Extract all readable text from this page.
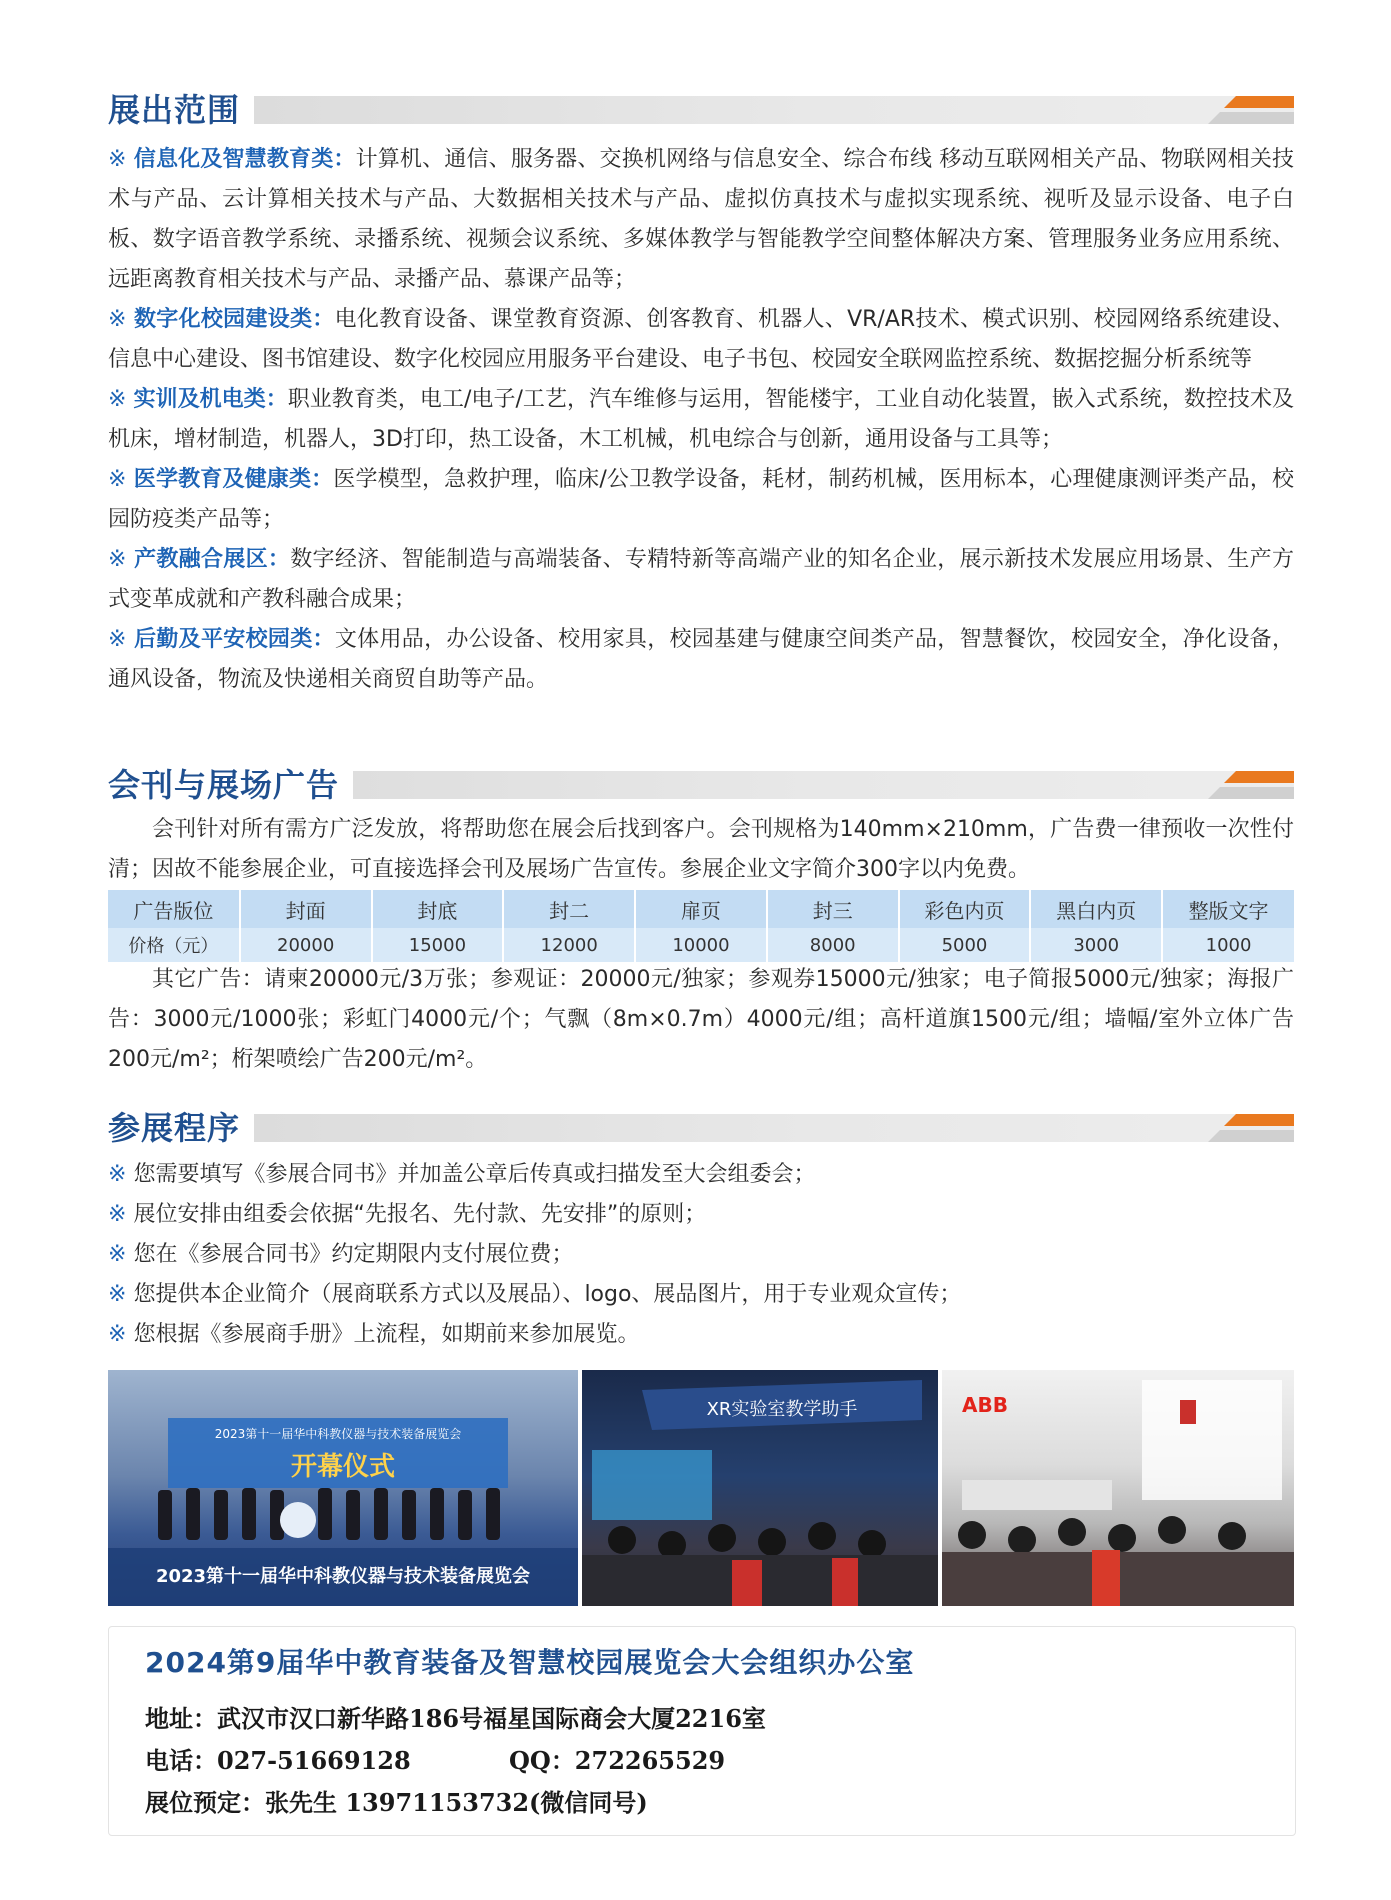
展出范围
※ 信息化及智慧教育类：计算机、通信、服务器、交换机网络与信息安全、综合布线 移动互联网相关产品、物联网相关技术与产品、云计算相关技术与产品、大数据相关技术与产品、虚拟仿真技术与虚拟实现系统、视听及显示设备、电子白板、数字语音教学系统、录播系统、视频会议系统、多媒体教学与智能教学空间整体解决方案、管理服务业务应用系统、远距离教育相关技术与产品、录播产品、慕课产品等；
※ 数字化校园建设类：电化教育设备、课堂教育资源、创客教育、机器人、VR/AR技术、模式识别、校园网络系统建设、信息中心建设、图书馆建设、数字化校园应用服务平台建设、电子书包、校园安全联网监控系统、数据挖掘分析系统等
※ 实训及机电类：职业教育类，电工/电子/工艺，汽车维修与运用，智能楼宇，工业自动化装置，嵌入式系统，数控技术及机床，增材制造，机器人，3D打印，热工设备，木工机械，机电综合与创新，通用设备与工具等；
※ 医学教育及健康类：医学模型，急救护理，临床/公卫教学设备，耗材，制药机械，医用标本，心理健康测评类产品，校园防疫类产品等；
※ 产教融合展区：数字经济、智能制造与高端装备、专精特新等高端产业的知名企业，展示新技术发展应用场景、生产方式变革成就和产教科融合成果；
※ 后勤及平安校园类：文体用品，办公设备、校用家具，校园基建与健康空间类产品，智慧餐饮，校园安全，净化设备，通风设备，物流及快递相关商贸自助等产品。
会刊与展场广告
会刊针对所有需方广泛发放，将帮助您在展会后找到客户。会刊规格为140mm×210mm，广告费一律预收一次性付清；因故不能参展企业，可直接选择会刊及展场广告宣传。参展企业文字简介300字以内免费。
广告版位	封面	封底	封二	扉页	封三	彩色内页	黑白内页	整版文字
价格（元）	20000	15000	12000	10000	8000	5000	3000	1000
其它广告：请柬20000元/3万张；参观证：20000元/独家；参观券15000元/独家；电子简报5000元/独家；海报广告：3000元/1000张；彩虹门4000元/个；气飘（8m×0.7m）4000元/组；高杆道旗1500元/组；墙幅/室外立体广告200元/m²；桁架喷绘广告200元/m²。
参展程序
※ 您需要填写《参展合同书》并加盖公章后传真或扫描发至大会组委会；
※ 展位安排由组委会依据“先报名、先付款、先安排”的原则；
※ 您在《参展合同书》约定期限内支付展位费；
※ 您提供本企业简介（展商联系方式以及展品）、logo、展品图片，用于专业观众宣传；
※ 您根据《参展商手册》上流程，如期前来参加展览。
2023第十一届华中科教仪器与技术装备展览会
开幕仪式
2023第十一届华中科教仪器与技术装备展览会
XR实验室教学助手	ABB
2024第9届华中教育装备及智慧校园展览会大会组织办公室
地址：武汉市汉口新华路186号福星国际商会大厦2216室
电话：027-51669128	QQ：272265529
展位预定：张先生 13971153732(微信同号)
